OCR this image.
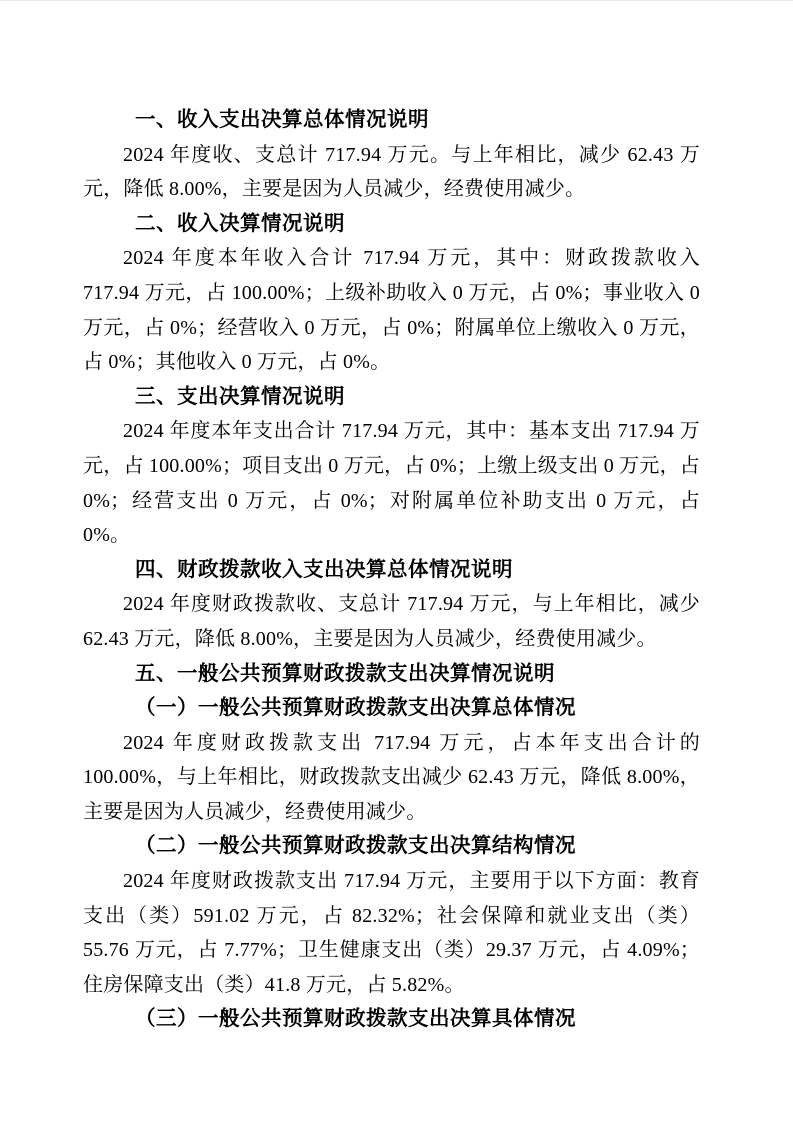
一、收入支出决算总体情况说明

2024 年度收、支总计 717.94 万元。与上年相比，减少 62.43 万元，降低 8.00%，主要是因为人员减少，经费使用减少。

二、收入决算情况说明

2024 年度本年收入合计 717.94 万元，其中：财政拨款收入 717.94 万元，占 100.00%；上级补助收入 0 万元，占 0%；事业收入 0 万元，占 0%；经营收入 0 万元，占 0%；附属单位上缴收入 0 万元，占 0%；其他收入 0 万元，占 0%。

三、支出决算情况说明

2024 年度本年支出合计 717.94 万元，其中：基本支出 717.94 万元，占 100.00%；项目支出 0 万元，占 0%；上缴上级支出 0 万元，占 0%；经营支出 0 万元，占 0%；对附属单位补助支出 0 万元，占 0%。

四、财政拨款收入支出决算总体情况说明

2024 年度财政拨款收、支总计 717.94 万元，与上年相比，减少 62.43 万元，降低 8.00%，主要是因为人员减少，经费使用减少。

五、一般公共预算财政拨款支出决算情况说明
（一）一般公共预算财政拨款支出决算总体情况

2024 年度财政拨款支出 717.94 万元，占本年支出合计的 100.00%，与上年相比，财政拨款支出减少 62.43 万元，降低 8.00%，主要是因为人员减少，经费使用减少。

（二）一般公共预算财政拨款支出决算结构情况

2024 年度财政拨款支出 717.94 万元，主要用于以下方面：教育支出（类）591.02 万元，占 82.32%；社会保障和就业支出（类）55.76 万元，占 7.77%；卫生健康支出（类）29.37 万元，占 4.09%；住房保障支出（类）41.8 万元，占 5.82%。

（三）一般公共预算财政拨款支出决算具体情况
